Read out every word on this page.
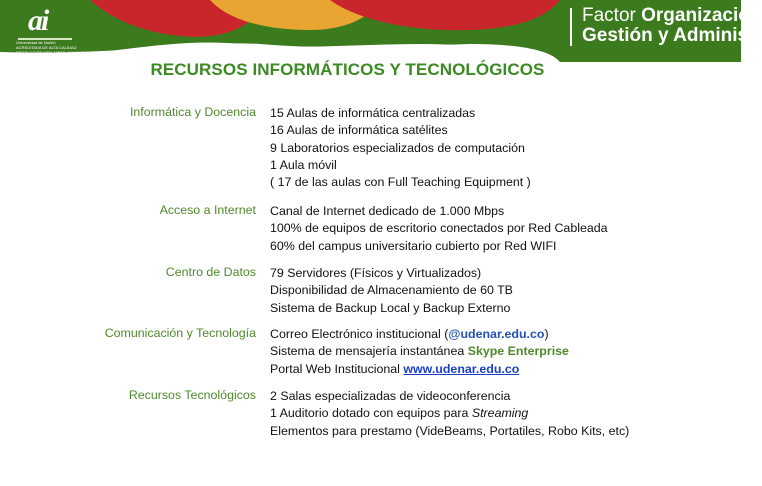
ai
Universidad de Nariño
ACREDITADA DE ALTA CALIDAD
RESOLUCIÓN MEN 10567 - MAYO 22 DE 2017
Factor Organización
Gestión y Administr
RECURSOS INFORMÁTICOS Y TECNOLÓGICOS
Informática y Docencia 15 Aulas de informática centralizadas
16 Aulas de informática satélites
9 Laboratorios especializados de computación
1 Aula móvil
( 17 de las aulas con Full Teaching Equipment )
Acceso a Internet Canal de Internet dedicado de 1.000 Mbps
100% de equipos de escritorio conectados por Red Cableada
60% del campus universitario cubierto por Red WIFI
Centro de Datos 79 Servidores (Físicos y Virtualizados)
Disponibilidad de Almacenamiento de 60 TB
Sistema de Backup Local y Backup Externo
Comunicación y Tecnología Correo Electrónico institucional (@udenar.edu.co)
Sistema de mensajería instantánea Skype Enterprise
Portal Web Institucional www.udenar.edu.co
Recursos Tecnológicos 2 Salas especializadas de videoconferencia
1 Auditorio dotado con equipos para Streaming
Elementos para prestamo (VideBeams, Portatiles, Robo Kits, etc)
